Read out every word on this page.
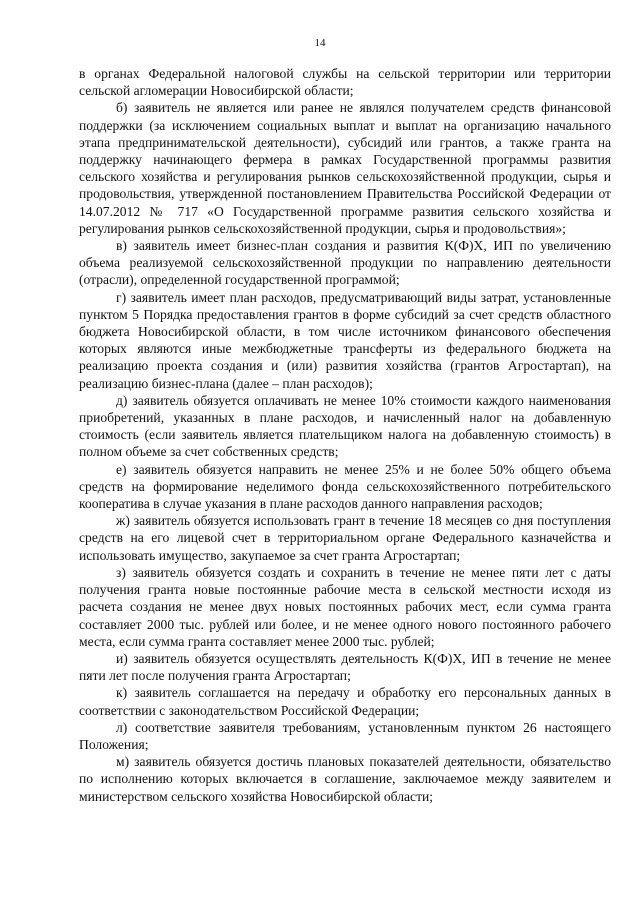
14

в органах Федеральной налоговой службы на сельской территории или территории сельской агломерации Новосибирской области;

б) заявитель не является или ранее не являлся получателем средств финансовой поддержки (за исключением социальных выплат и выплат на организацию начального этапа предпринимательской деятельности), субсидий или грантов, а также гранта на поддержку начинающего фермера в рамках Государственной программы развития сельского хозяйства и регулирования рынков сельскохозяйственной продукции, сырья и продовольствия, утвержденной постановлением Правительства Российской Федерации от 14.07.2012 № 717 «О Государственной программе развития сельского хозяйства и регулирования рынков сельскохозяйственной продукции, сырья и продовольствия»;

в) заявитель имеет бизнес-план создания и развития К(Ф)Х, ИП по увеличению объема реализуемой сельскохозяйственной продукции по направлению деятельности (отрасли), определенной государственной программой;

г) заявитель имеет план расходов, предусматривающий виды затрат, установленные пунктом 5 Порядка предоставления грантов в форме субсидий за счет средств областного бюджета Новосибирской области, в том числе источником финансового обеспечения которых являются иные межбюджетные трансферты из федерального бюджета на реализацию проекта создания и (или) развития хозяйства (грантов Агростартап), на реализацию бизнес-плана (далее – план расходов);

д) заявитель обязуется оплачивать не менее 10% стоимости каждого наименования приобретений, указанных в плане расходов, и начисленный налог на добавленную стоимость (если заявитель является плательщиком налога на добавленную стоимость) в полном объеме за счет собственных средств;

е) заявитель обязуется направить не менее 25% и не более 50% общего объема средств на формирование неделимого фонда сельскохозяйственного потребительского кооператива в случае указания в плане расходов данного направления расходов;

ж) заявитель обязуется использовать грант в течение 18 месяцев со дня поступления средств на его лицевой счет в территориальном органе Федерального казначейства и использовать имущество, закупаемое за счет гранта Агростартап;

з) заявитель обязуется создать и сохранить в течение не менее пяти лет с даты получения гранта новые постоянные рабочие места в сельской местности исходя из расчета создания не менее двух новых постоянных рабочих мест, если сумма гранта составляет 2000 тыс. рублей или более, и не менее одного нового постоянного рабочего места, если сумма гранта составляет менее 2000 тыс. рублей;

и) заявитель обязуется осуществлять деятельность К(Ф)Х, ИП в течение не менее пяти лет после получения гранта Агростартап;

к) заявитель соглашается на передачу и обработку его персональных данных в соответствии с законодательством Российской Федерации;

л) соответствие заявителя требованиям, установленным пунктом 26 настоящего Положения;

м) заявитель обязуется достичь плановых показателей деятельности, обязательство по исполнению которых включается в соглашение, заключаемое между заявителем и министерством сельского хозяйства Новосибирской области;
